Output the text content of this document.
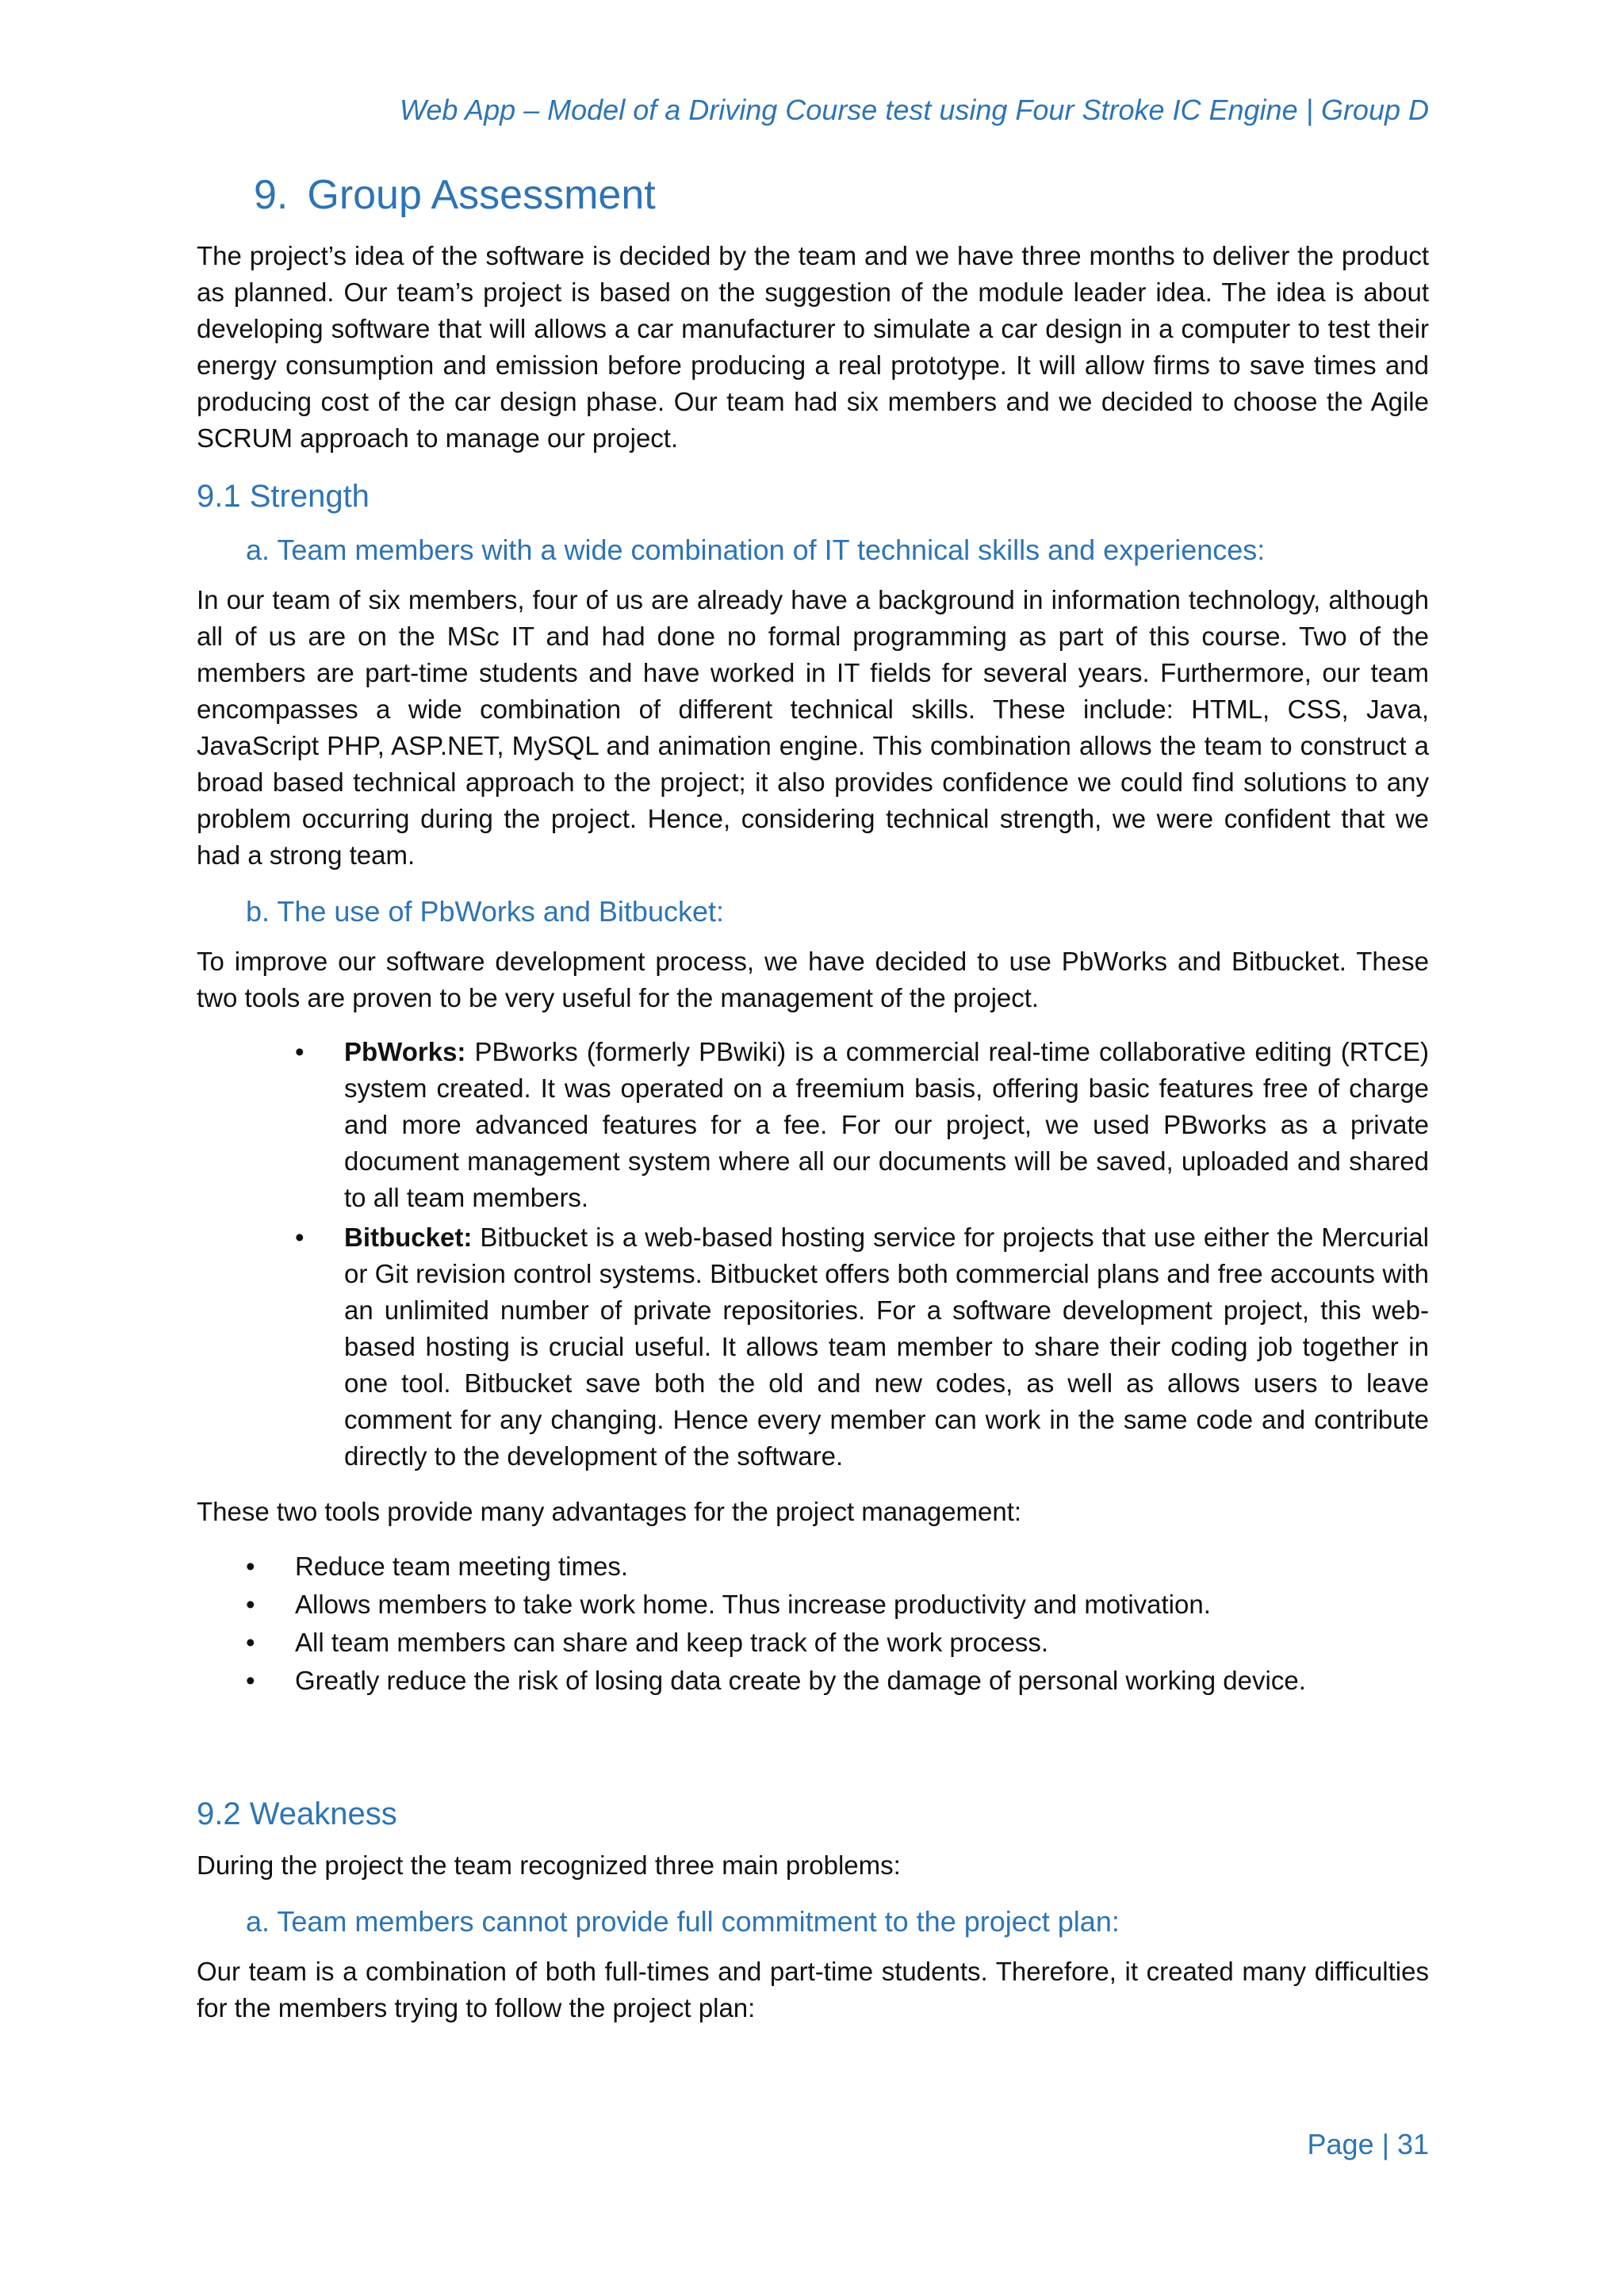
Web App – Model of a Driving Course test using Four Stroke IC Engine | Group D
9. Group Assessment

The project’s idea of the software is decided by the team and we have three months to deliver the product as planned. Our team’s project is based on the suggestion of the module leader idea. The idea is about developing software that will allows a car manufacturer to simulate a car design in a computer to test their energy consumption and emission before producing a real prototype. It will allow firms to save times and producing cost of the car design phase. Our team had six members and we decided to choose the Agile SCRUM approach to manage our project.

9.1 Strength
a. Team members with a wide combination of IT technical skills and experiences:

In our team of six members, four of us are already have a background in information technology, although all of us are on the MSc IT and had done no formal programming as part of this course. Two of the members are part-time students and have worked in IT fields for several years. Furthermore, our team encompasses a wide combination of different technical skills. These include: HTML, CSS, Java, JavaScript PHP, ASP.NET, MySQL and animation engine. This combination allows the team to construct a broad based technical approach to the project; it also provides confidence we could find solutions to any problem occurring during the project. Hence, considering technical strength, we were confident that we had a strong team.

b. The use of PbWorks and Bitbucket:

To improve our software development process, we have decided to use PbWorks and Bitbucket. These two tools are proven to be very useful for the management of the project.

• PbWorks: PBworks (formerly PBwiki) is a commercial real-time collaborative editing (RTCE) system created. It was operated on a freemium basis, offering basic features free of charge and more advanced features for a fee. For our project, we used PBworks as a private document management system where all our documents will be saved, uploaded and shared to all team members.
• Bitbucket: Bitbucket is a web-based hosting service for projects that use either the Mercurial or Git revision control systems. Bitbucket offers both commercial plans and free accounts with an unlimited number of private repositories. For a software development project, this web-based hosting is crucial useful. It allows team member to share their coding job together in one tool. Bitbucket save both the old and new codes, as well as allows users to leave comment for any changing. Hence every member can work in the same code and contribute directly to the development of the software.

These two tools provide many advantages for the project management:

• Reduce team meeting times.
• Allows members to take work home. Thus increase productivity and motivation.
• All team members can share and keep track of the work process.
• Greatly reduce the risk of losing data create by the damage of personal working device.
9.2 Weakness

During the project the team recognized three main problems:

a. Team members cannot provide full commitment to the project plan:

Our team is a combination of both full-times and part-time students. Therefore, it created many difficulties for the members trying to follow the project plan:

Page | 31
